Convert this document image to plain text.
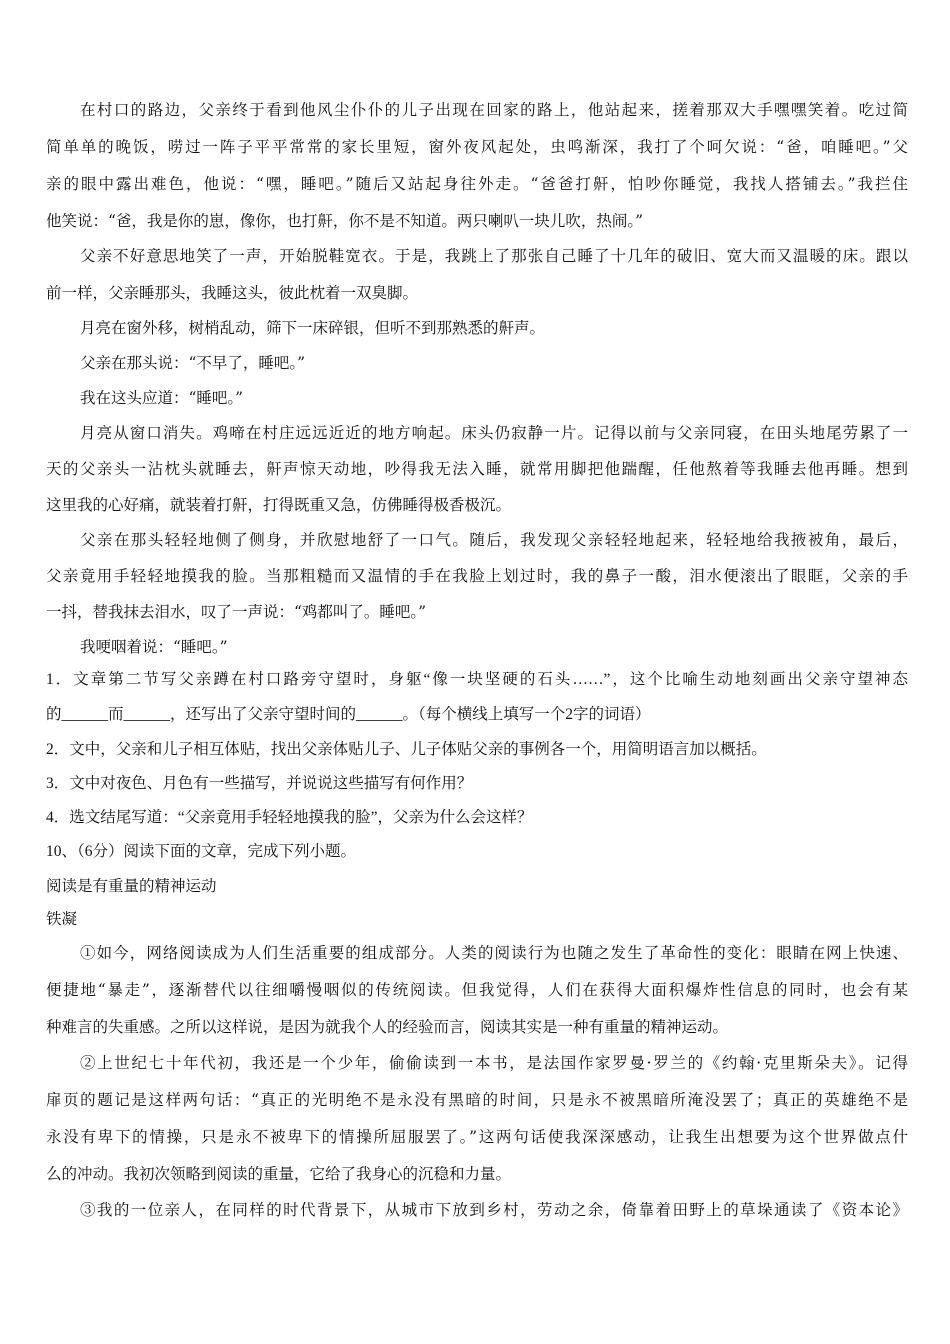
在村口的路边，父亲终于看到他风尘仆仆的儿子出现在回家的路上，他站起来，搓着那双大手嘿嘿笑着。吃过简
简单单的晚饭，唠过一阵子平平常常的家长里短，窗外夜风起处，虫鸣渐深，我打了个呵欠说：“爸，咱睡吧。”父
亲的眼中露出难色，他说：“嘿，睡吧。”随后又站起身往外走。“爸爸打鼾，怕吵你睡觉，我找人搭铺去。”我拦住
他笑说：“爸，我是你的崽，像你，也打鼾，你不是不知道。两只喇叭一块儿吹，热闹。”
父亲不好意思地笑了一声，开始脱鞋宽衣。于是，我跳上了那张自己睡了十几年的破旧、宽大而又温暖的床。跟以
前一样，父亲睡那头，我睡这头，彼此枕着一双臭脚。
月亮在窗外移，树梢乱动，筛下一床碎银，但听不到那熟悉的鼾声。
父亲在那头说：“不早了，睡吧。”
我在这头应道：“睡吧。”
月亮从窗口消失。鸡啼在村庄远远近近的地方响起。床头仍寂静一片。记得以前与父亲同寝，在田头地尾劳累了一
天的父亲头一沾枕头就睡去，鼾声惊天动地，吵得我无法入睡，就常用脚把他踹醒，任他熬着等我睡去他再睡。想到
这里我的心好痛，就装着打鼾，打得既重又急，仿佛睡得极香极沉。
父亲在那头轻轻地侧了侧身，并欣慰地舒了一口气。随后，我发现父亲轻轻地起来，轻轻地给我掖被角，最后，
父亲竟用手轻轻地摸我的脸。当那粗糙而又温情的手在我脸上划过时，我的鼻子一酸，泪水便滚出了眼眶，父亲的手
一抖，替我抹去泪水，叹了一声说：“鸡都叫了。睡吧。”
我哽咽着说：“睡吧。”
1．文章第二节写父亲蹲在村口路旁守望时，身躯“像一块坚硬的石头……”，这个比喻生动地刻画出父亲守望神态
的______而______，还写出了父亲守望时间的______。（每个横线上填写一个2字的词语）
2．文中，父亲和儿子相互体贴，找出父亲体贴儿子、儿子体贴父亲的事例各一个，用简明语言加以概括。
3．文中对夜色、月色有一些描写，并说说这些描写有何作用？
4．选文结尾写道：“父亲竟用手轻轻地摸我的脸”，父亲为什么会这样？
10、（6分）阅读下面的文章，完成下列小题。
阅读是有重量的精神运动
铁凝
①如今，网络阅读成为人们生活重要的组成部分。人类的阅读行为也随之发生了革命性的变化：眼睛在网上快速、
便捷地“暴走”，逐渐替代以往细嚼慢咽似的传统阅读。但我觉得，人们在获得大面积爆炸性信息的同时，也会有某
种难言的失重感。之所以这样说，是因为就我个人的经验而言，阅读其实是一种有重量的精神运动。
②上世纪七十年代初，我还是一个少年，偷偷读到一本书，是法国作家罗曼·罗兰的《约翰·克里斯朵夫》。记得
扉页的题记是这样两句话：“真正的光明绝不是永没有黑暗的时间，只是永不被黑暗所淹没罢了；真正的英雄绝不是
永没有卑下的情操，只是永不被卑下的情操所屈服罢了。”这两句话使我深深感动，让我生出想要为这个世界做点什
么的冲动。我初次领略到阅读的重量，它给了我身心的沉稳和力量。
③我的一位亲人，在同样的时代背景下，从城市下放到乡村，劳动之余，倚靠着田野上的草垛通读了《资本论》
